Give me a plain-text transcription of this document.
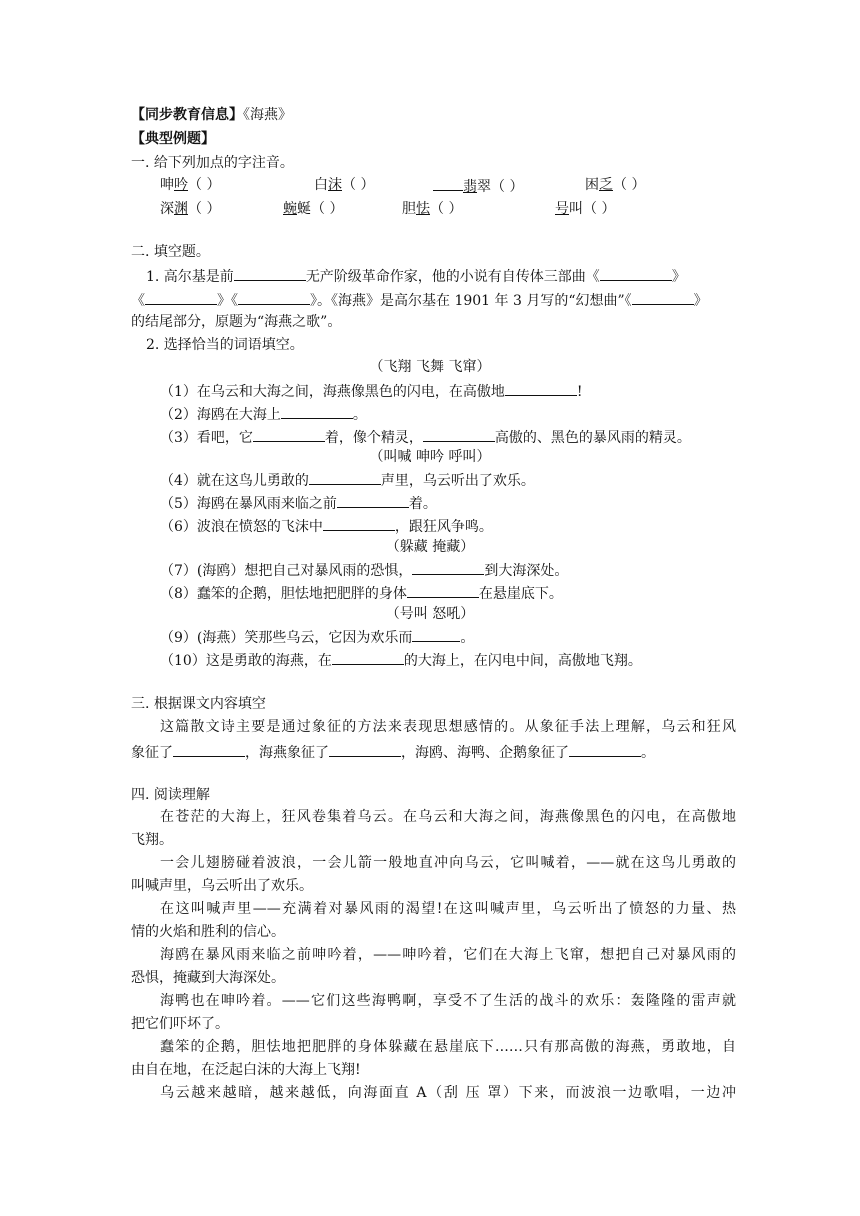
【同步教育信息】《海燕》
【典型例题】
一. 给下列加点的字注音。
呻吟（ ）	白沫（ ）	翡翠（ ）	困乏（ ）
深渊（ ）	蜿蜒（ ）	胆怯（ ）	号叫（ ）
二. 填空题。
1. 高尔基是前	无产阶级革命作家，他的小说有自传体三部曲《	》
《	》《	》。《海燕》是高尔基在 1901 年 3 月写的“幻想曲”《	》
的结尾部分，原题为“海燕之歌”。
2. 选择恰当的词语填空。
（飞翔 飞舞 飞窜）
（1）在乌云和大海之间，海燕像黑色的闪电，在高傲地	!
（2）海鸥在大海上	。
（3）看吧，它	着，像个精灵，	高傲的、黑色的暴风雨的精灵。
（叫喊 呻吟 呼叫）
（4）就在这鸟儿勇敢的	声里，乌云听出了欢乐。
（5）海鸥在暴风雨来临之前	着。
（6）波浪在愤怒的飞沫中	，跟狂风争鸣。
（躲藏 掩藏）
（7）(海鸥）想把自己对暴风雨的恐惧，	到大海深处。
（8）蠢笨的企鹅，胆怯地把肥胖的身体	在悬崖底下。
（号叫 怒吼）
（9）(海燕）笑那些乌云，它因为欢乐而	。
（10）这是勇敢的海燕，在	的大海上，在闪电中间，高傲地飞翔。
三. 根据课文内容填空
这篇散文诗主要是通过象征的方法来表现思想感情的。从象征手法上理解，乌云和狂风
象征了	，海燕象征了	，海鸥、海鸭、企鹅象征了	。
四. 阅读理解
在苍茫的大海上，狂风卷集着乌云。在乌云和大海之间，海燕像黑色的闪电，在高傲地
飞翔。
一会儿翅膀碰着波浪，一会儿箭一般地直冲向乌云，它叫喊着，——就在这鸟儿勇敢的
叫喊声里，乌云听出了欢乐。
在这叫喊声里——充满着对暴风雨的渴望!在这叫喊声里，乌云听出了愤怒的力量、热
情的火焰和胜利的信心。
海鸥在暴风雨来临之前呻吟着，——呻吟着，它们在大海上飞窜，想把自己对暴风雨的
恐惧，掩藏到大海深处。
海鸭也在呻吟着。——它们这些海鸭啊，享受不了生活的战斗的欢乐：轰隆隆的雷声就
把它们吓坏了。
蠢笨的企鹅，胆怯地把肥胖的身体躲藏在悬崖底下……只有那高傲的海燕，勇敢地，自
由自在地，在泛起白沫的大海上飞翔!
乌云越来越暗，越来越低，向海面直 A（刮 压 罩）下来，而波浪一边歌唱，一边冲
